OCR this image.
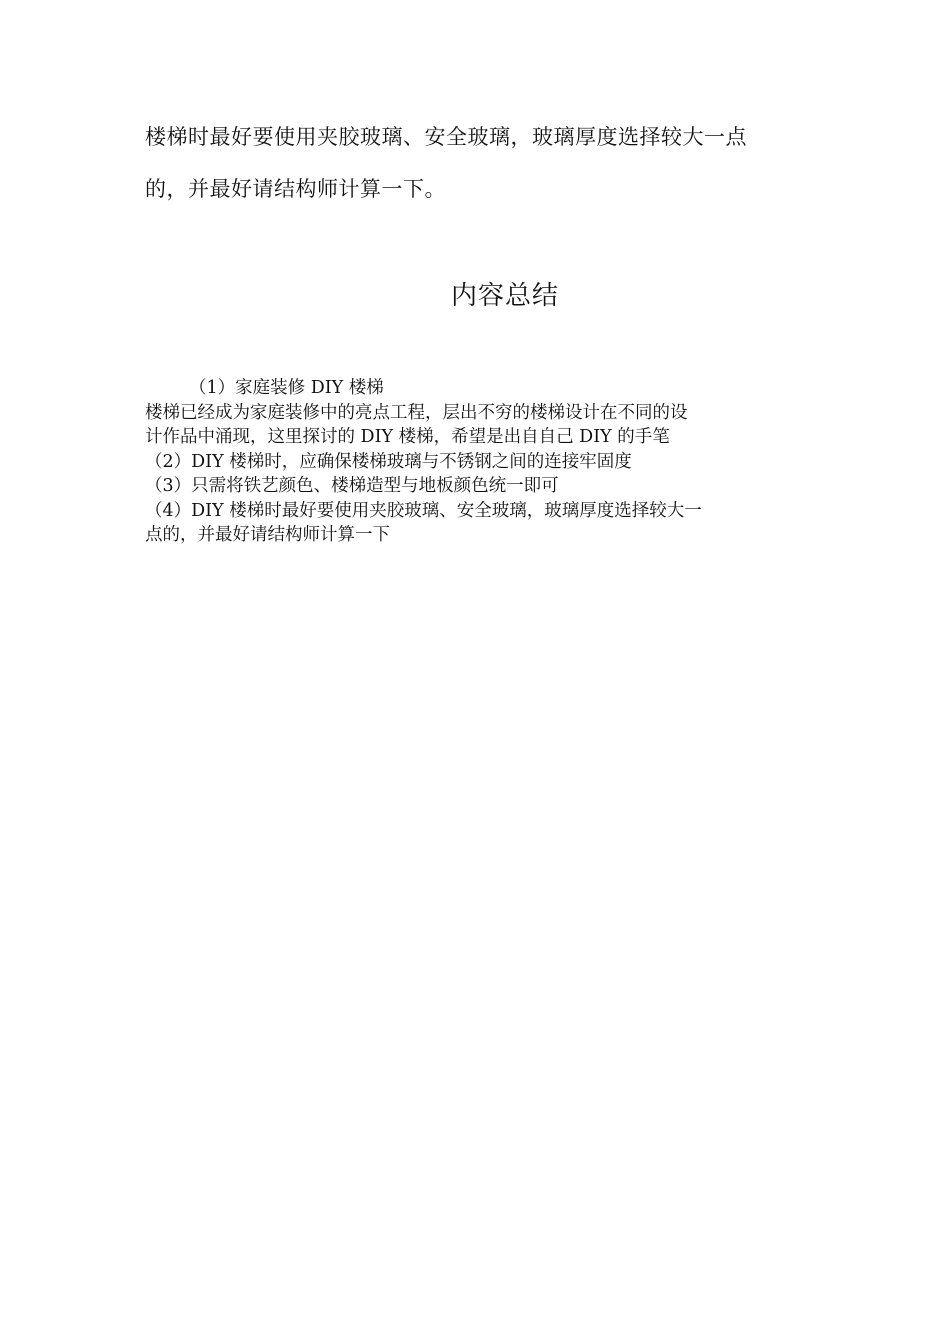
楼梯时最好要使用夹胶玻璃、安全玻璃，玻璃厚度选择较大一点
的，并最好请结构师计算一下。
内容总结
（1）家庭装修 DIY 楼梯
楼梯已经成为家庭装修中的亮点工程，层出不穷的楼梯设计在不同的设
计作品中涌现，这里探讨的 DIY 楼梯，希望是出自自己 DIY 的手笔
（2）DIY 楼梯时，应确保楼梯玻璃与不锈钢之间的连接牢固度
（3）只需将铁艺颜色、楼梯造型与地板颜色统一即可
（4）DIY 楼梯时最好要使用夹胶玻璃、安全玻璃，玻璃厚度选择较大一
点的，并最好请结构师计算一下
